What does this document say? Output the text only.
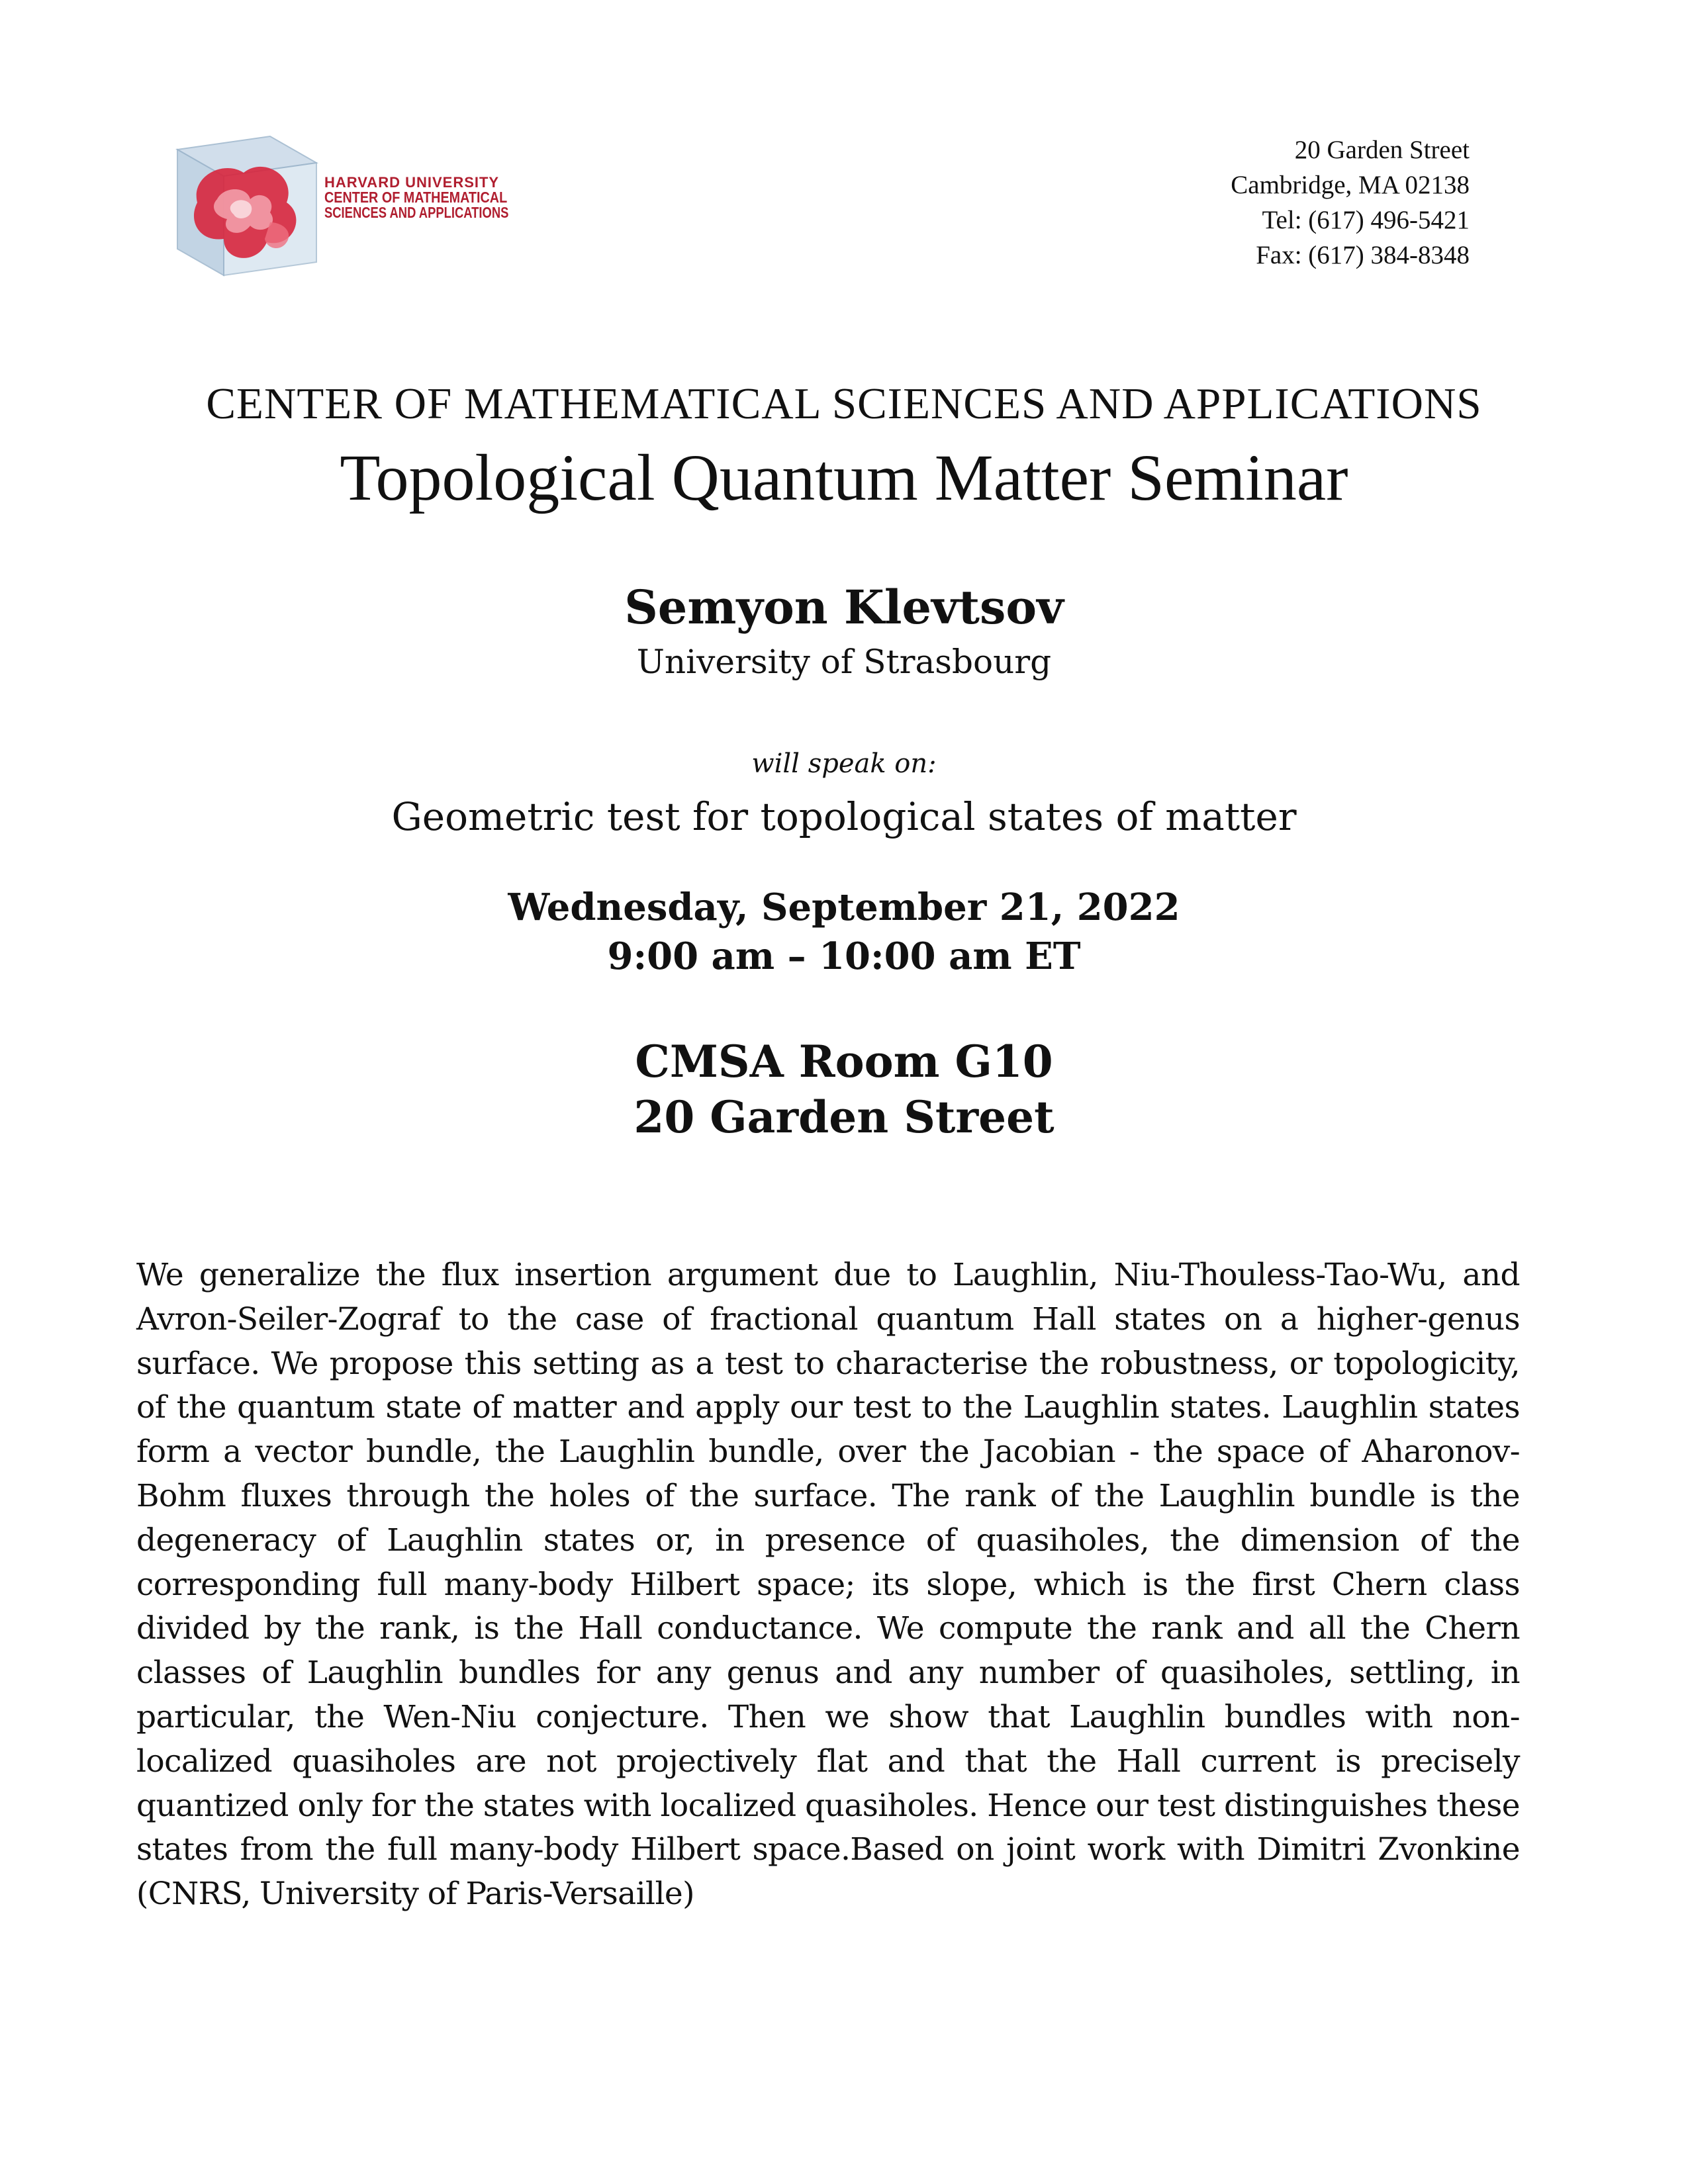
HARVARD UNIVERSITY
CENTER OF MATHEMATICAL
SCIENCES AND APPLICATIONS
20 Garden Street
Cambridge, MA 02138
Tel: (617) 496-5421
Fax: (617) 384-8348
CENTER OF MATHEMATICAL SCIENCES AND APPLICATIONS
Topological Quantum Matter Seminar
Semyon Klevtsov
University of Strasbourg
will speak on:
Geometric test for topological states of matter
Wednesday, September 21, 2022
9:00 am – 10:00 am ET
CMSA Room G10
20 Garden Street
We generalize the flux insertion argument due to Laughlin, Niu-Thouless-Tao-Wu, and Avron-Seiler-Zograf to the case of fractional quantum Hall states on a higher-genus surface. We propose this setting as a test to characterise the robustness, or topologicity, of the quantum state of matter and apply our test to the Laughlin states. Laughlin states form a vector bundle, the Laughlin bundle, over the Jacobian - the space of Aharonov-Bohm fluxes through the holes of the surface. The rank of the Laughlin bundle is the degeneracy of Laughlin states or, in presence of quasiholes, the dimension of the corresponding full many-body Hilbert space; its slope, which is the first Chern class divided by the rank, is the Hall conductance. We compute the rank and all the Chern classes of Laughlin bundles for any genus and any number of quasiholes, settling, in particular, the Wen-Niu conjecture. Then we show that Laughlin bundles with non-localized quasiholes are not projectively flat and that the Hall current is precisely quantized only for the states with localized quasiholes. Hence our test distinguishes these states from the full many-body Hilbert space.Based on joint work with Dimitri Zvonkine (CNRS, University of Paris-Versaille)
